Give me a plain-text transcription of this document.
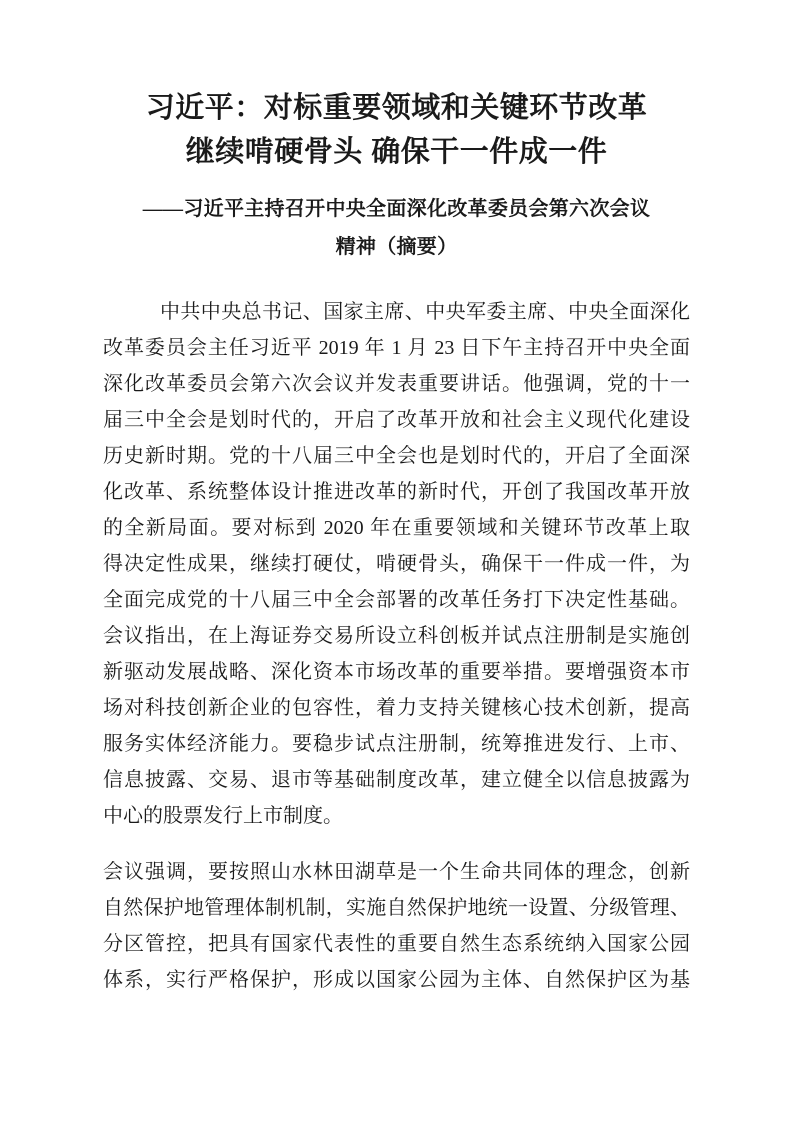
习近平：对标重要领域和关键环节改革
继续啃硬骨头 确保干一件成一件
——习近平主持召开中央全面深化改革委员会第六次会议
精神（摘要）
中共中央总书记、国家主席、中央军委主席、中央全面深化
改革委员会主任习近平 2019 年 1 月 23 日下午主持召开中央全面
深化改革委员会第六次会议并发表重要讲话。他强调，党的十一
届三中全会是划时代的，开启了改革开放和社会主义现代化建设
历史新时期。党的十八届三中全会也是划时代的，开启了全面深
化改革、系统整体设计推进改革的新时代，开创了我国改革开放
的全新局面。要对标到 2020 年在重要领域和关键环节改革上取
得决定性成果，继续打硬仗，啃硬骨头，确保干一件成一件，为
全面完成党的十八届三中全会部署的改革任务打下决定性基础。
会议指出，在上海证券交易所设立科创板并试点注册制是实施创
新驱动发展战略、深化资本市场改革的重要举措。要增强资本市
场对科技创新企业的包容性，着力支持关键核心技术创新，提高
服务实体经济能力。要稳步试点注册制，统筹推进发行、上市、
信息披露、交易、退市等基础制度改革，建立健全以信息披露为
中心的股票发行上市制度。
会议强调，要按照山水林田湖草是一个生命共同体的理念，创新
自然保护地管理体制机制，实施自然保护地统一设置、分级管理、
分区管控，把具有国家代表性的重要自然生态系统纳入国家公园
体系，实行严格保护，形成以国家公园为主体、自然保护区为基
